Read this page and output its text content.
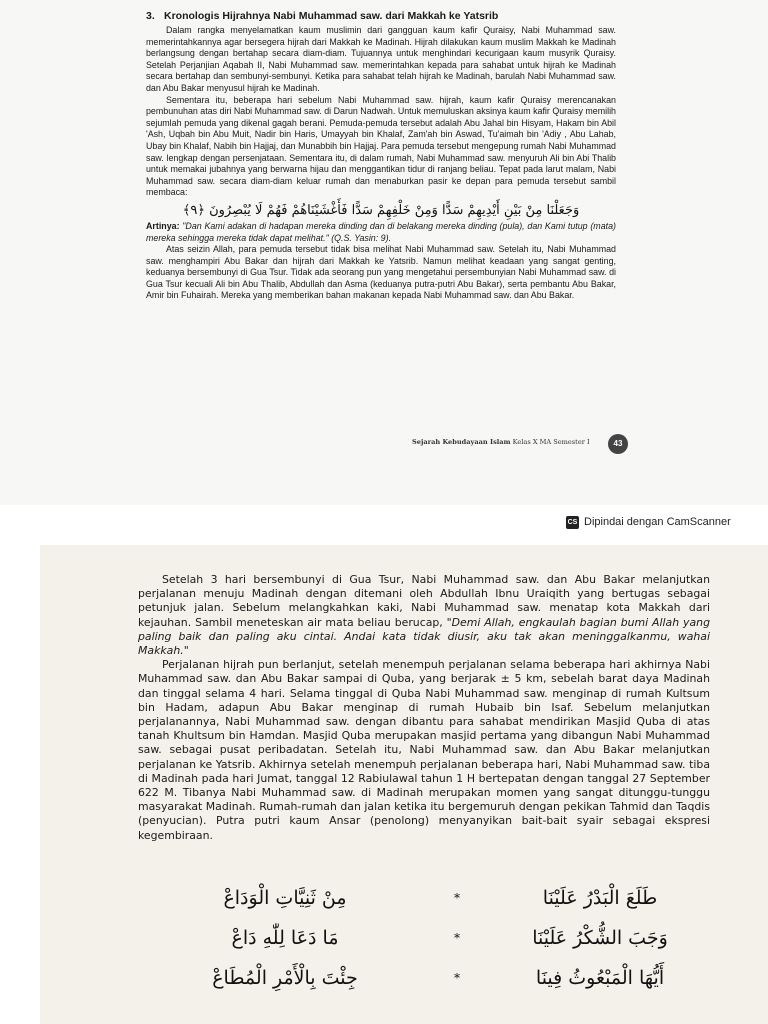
3. Kronologis Hijrahnya Nabi Muhammad saw. dari Makkah ke Yatsrib

Dalam rangka menyelamatkan kaum muslimin dari gangguan kaum kafir Quraisy, Nabi Muhammad saw. memerintahkannya agar bersegera hijrah dari Makkah ke Madinah. Hijrah dilakukan kaum muslim Makkah ke Madinah berlangsung dengan bertahap secara diam-diam. Tujuannya untuk menghindari kecurigaan kaum musyrik Quraisy. Setelah Perjanjian Aqabah II, Nabi Muhammad saw. memerintahkan kepada para sahabat untuk hijrah ke Madinah secara bertahap dan sembunyi-sembunyi. Ketika para sahabat telah hijrah ke Madinah, barulah Nabi Muhammad saw. dan Abu Bakar menyusul hijrah ke Madinah.

Sementara itu, beberapa hari sebelum Nabi Muhammad saw. hijrah, kaum kafir Quraisy merencanakan pembunuhan atas diri Nabi Muhammad saw. di Darun Nadwah. Untuk memuluskan aksinya kaum kafir Quraisy memilih sejumlah pemuda yang dikenal gagah berani. Pemuda-pemuda tersebut adalah Abu Jahal bin Hisyam, Hakam bin Abil 'Ash, Uqbah bin Abu Muit, Nadir bin Haris, Umayyah bin Khalaf, Zam'ah bin Aswad, Tu'aimah bin 'Adiy , Abu Lahab, Ubay bin Khalaf, Nabih bin Hajjaj, dan Munabbih bin Hajjaj. Para pemuda tersebut mengepung rumah Nabi Muhammad saw. lengkap dengan persenjataan. Sementara itu, di dalam rumah, Nabi Muhammad saw. menyuruh Ali bin Abi Thalib untuk memakai jubahnya yang berwarna hijau dan menggantikan tidur di ranjang beliau. Tepat pada larut malam, Nabi Muhammad saw. secara diam-diam keluar rumah dan menaburkan pasir ke depan para pemuda tersebut sambil membaca:

وَجَعَلْنَا مِنْ بَيْنِ أَيْدِيهِمْ سَدًّا وَمِنْ خَلْفِهِمْ سَدًّا فَأَغْشَيْنَاهُمْ فَهُمْ لَا يُبْصِرُونَ ﴿٩﴾

Artinya: "Dan Kami adakan di hadapan mereka dinding dan di belakang mereka dinding (pula), dan Kami tutup (mata) mereka sehingga mereka tidak dapat melihat." (Q.S. Yasin: 9).

Atas seizin Allah, para pemuda tersebut tidak bisa melihat Nabi Muhammad saw. Setelah itu, Nabi Muhammad saw. menghampiri Abu Bakar dan hijrah dari Makkah ke Yatsrib. Namun melihat keadaan yang sangat genting, keduanya bersembunyi di Gua Tsur. Tidak ada seorang pun yang mengetahui persembunyian Nabi Muhammad saw. di Gua Tsur kecuali Ali bin Abu Thalib, Abdullah dan Asma (keduanya putra-putri Abu Bakar), serta pembantu Abu Bakar, Amir bin Fuhairah. Mereka yang memberikan bahan makanan kepada Nabi Muhammad saw. dan Abu Bakar.

Sejarah Kebudayaan Islam Kelas X MA Semester I	43
CS Dipindai dengan CamScanner

Setelah 3 hari bersembunyi di Gua Tsur, Nabi Muhammad saw. dan Abu Bakar melanjutkan perjalanan menuju Madinah dengan ditemani oleh Abdullah Ibnu Uraiqith yang bertugas sebagai petunjuk jalan. Sebelum melangkahkan kaki, Nabi Muhammad saw. menatap kota Makkah dari kejauhan. Sambil meneteskan air mata beliau berucap, "Demi Allah, engkaulah bagian bumi Allah yang paling baik dan paling aku cintai. Andai kata tidak diusir, aku tak akan meninggalkanmu, wahai Makkah."

Perjalanan hijrah pun berlanjut, setelah menempuh perjalanan selama beberapa hari akhirnya Nabi Muhammad saw. dan Abu Bakar sampai di Quba, yang berjarak ± 5 km, sebelah barat daya Madinah dan tinggal selama 4 hari. Selama tinggal di Quba Nabi Muhammad saw. menginap di rumah Kultsum bin Hadam, adapun Abu Bakar menginap di rumah Hubaib bin Isaf. Sebelum melanjutkan perjalanannya, Nabi Muhammad saw. dengan dibantu para sahabat mendirikan Masjid Quba di atas tanah Khultsum bin Hamdan. Masjid Quba merupakan masjid pertama yang dibangun Nabi Muhammad saw. sebagai pusat peribadatan. Setelah itu, Nabi Muhammad saw. dan Abu Bakar melanjutkan perjalanan ke Yatsrib. Akhirnya setelah menempuh perjalanan beberapa hari, Nabi Muhammad saw. tiba di Madinah pada hari Jumat, tanggal 12 Rabiulawal tahun 1 H bertepatan dengan tanggal 27 September 622 M. Tibanya Nabi Muhammad saw. di Madinah merupakan momen yang sangat ditunggu-tunggu masyarakat Madinah. Rumah-rumah dan jalan ketika itu bergemuruh dengan pekikan Tahmid dan Taqdis (penyucian). Putra putri kaum Ansar (penolong) menyanyikan bait-bait syair sebagai ekspresi kegembiraan.

طَلَعَ الْبَدْرُ عَلَيْنَا
*
مِنْ ثَنِيَّاتِ الْوَدَاعْ
وَجَبَ الشُّكْرُ عَلَيْنَا
*
مَا دَعَا لِلّٰهِ دَاعْ
أَيُّهَا الْمَبْعُوثُ فِينَا
*
جِئْتَ بِالْأَمْرِ الْمُطَاعْ
